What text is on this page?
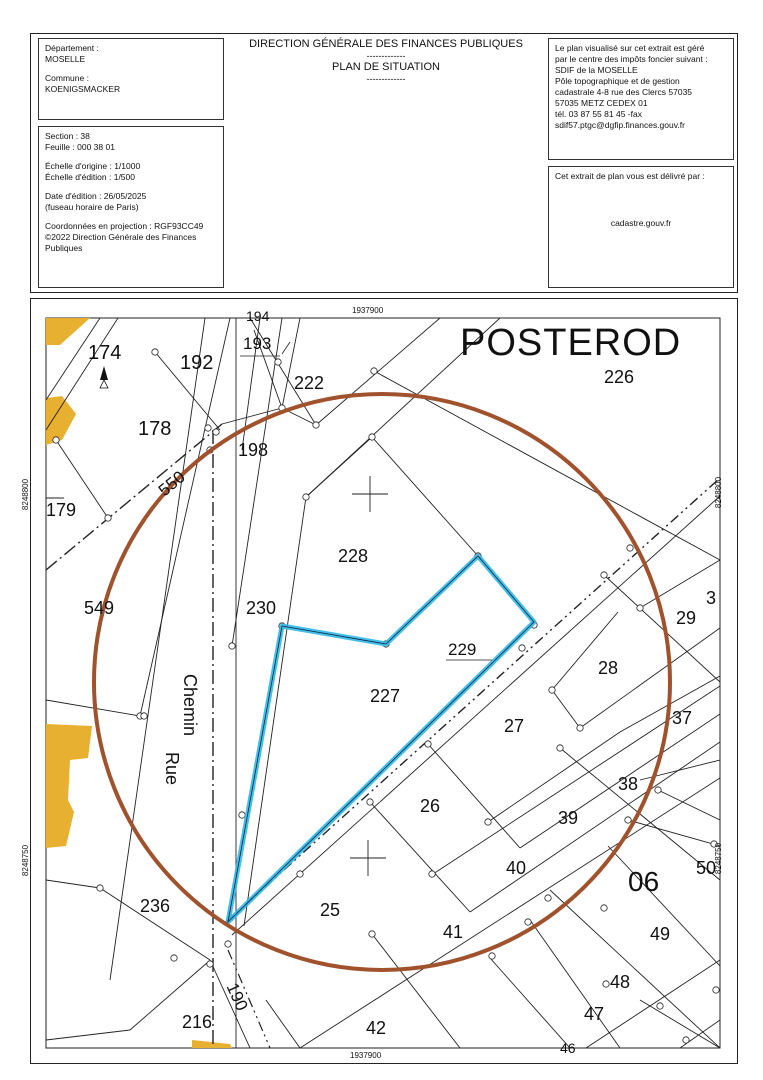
Département :
MOSELLE
Commune :
KOENIGSMACKER
DIRECTION GÉNÉRALE DES FINANCES PUBLIQUES
-------------
PLAN DE SITUATION
-------------
Section : 38
Feuille : 000 38 01
Échelle d'origine : 1/1000
Échelle d'édition : 1/500
Date d'édition : 26/05/2025
(fuseau horaire de Paris)
Coordonnées en projection : RGF93CC49
©2022 Direction Générale des Finances
Publiques
Le plan visualisé sur cet extrait est géré
par le centre des impôts foncier suivant :
SDIF de la MOSELLE
Pôle topographique et de gestion
cadastrale 4-8 rue des Clercs 57035
57035 METZ CEDEX 01
tél. 03 87 55 81 45 -fax
sdif57.ptgc@dgfip.finances.gouv.fr
Cet extrait de plan vous est délivré par :
cadastre.gouv.fr
174	192
193
222	226
178
198
179
228
549	230	29
3
229
28
227
37
27
38
26
39
40	50
236	25
41	49
48
216	47
42
46
194
POSTEROD
06
1937900
1937900
8248800
8248750
8248800
8248750
Chemin
Rue
550
190
